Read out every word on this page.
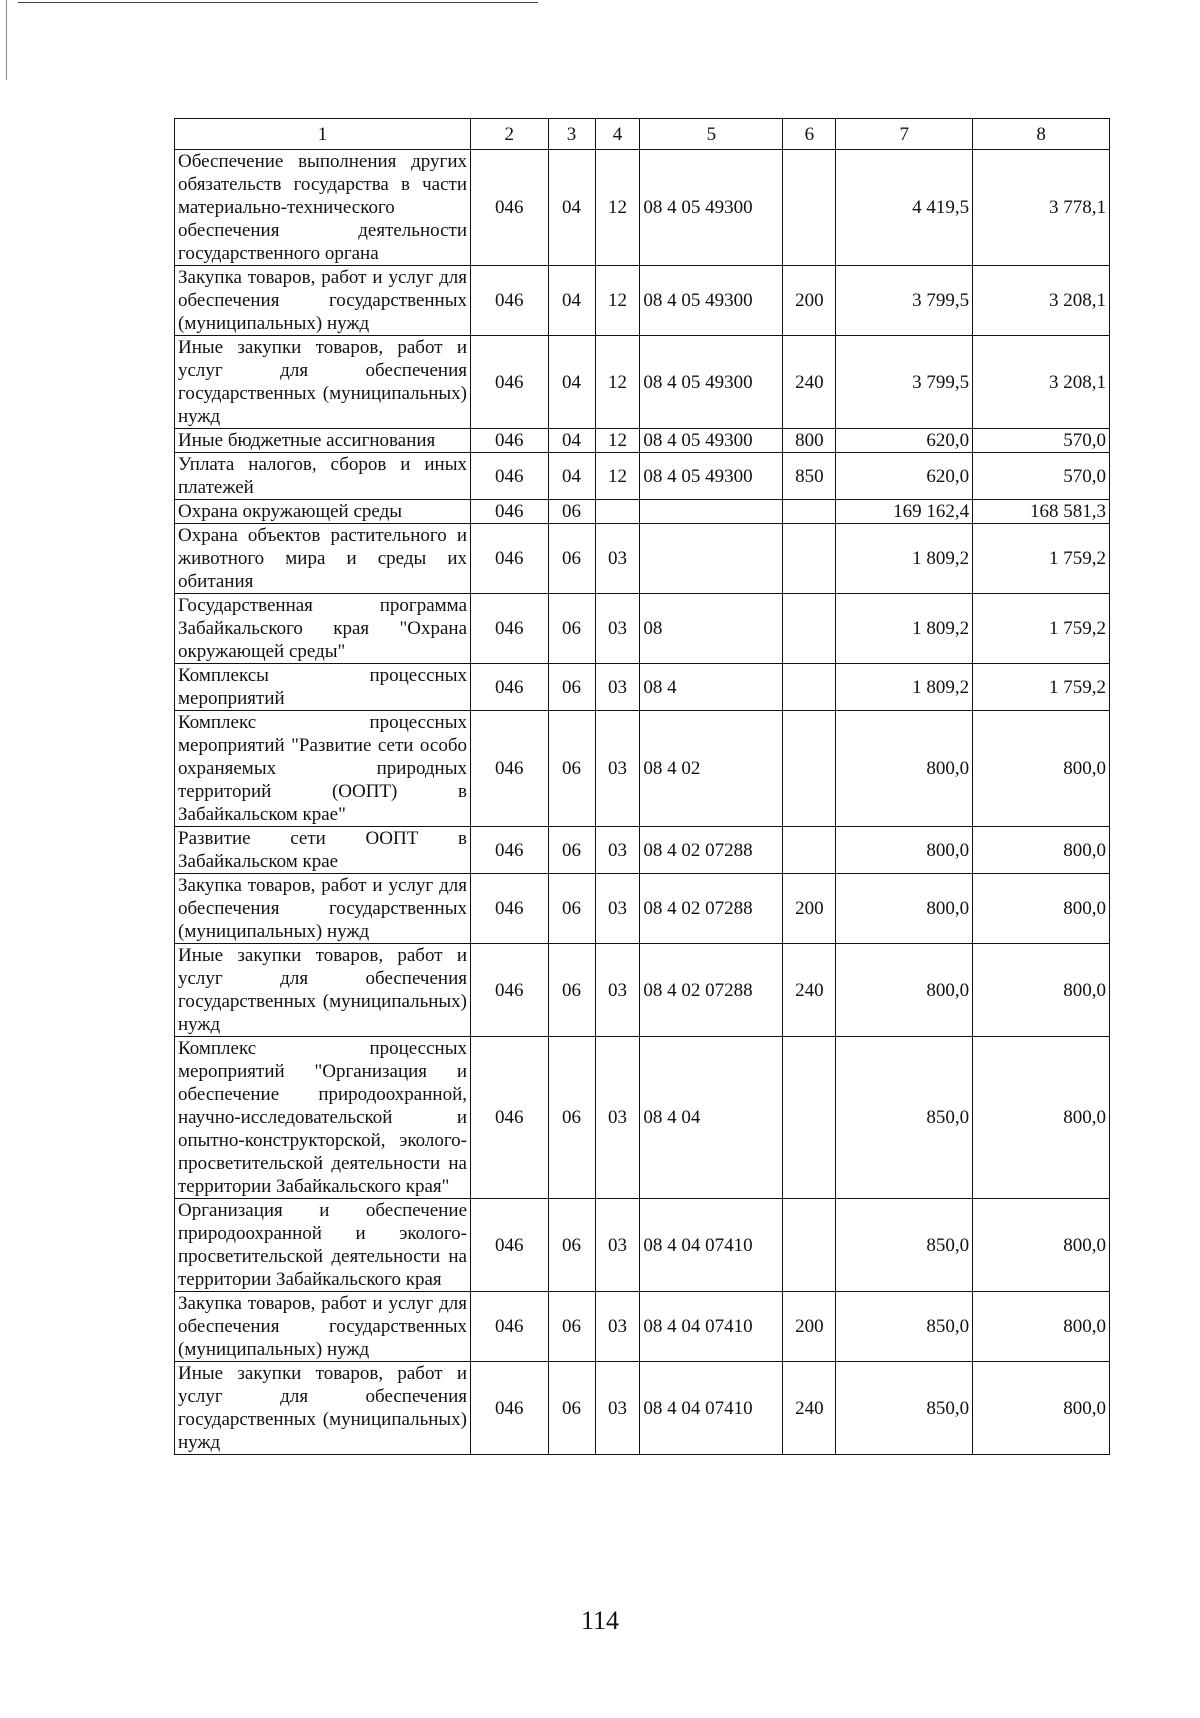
1	2	3	4	5	6	7	8
Обеспечение выполнения других обязательств государства в части материально-технического обеспечения деятельности государственного органа	046	04	12	08 4 05 49300		4 419,5	3 778,1
Закупка товаров, работ и услуг для обеспечения государственных (муниципальных) нужд	046	04	12	08 4 05 49300	200	3 799,5	3 208,1
Иные закупки товаров, работ и услуг для обеспечения государственных (муниципальных) нужд	046	04	12	08 4 05 49300	240	3 799,5	3 208,1
Иные бюджетные ассигнования	046	04	12	08 4 05 49300	800	620,0	570,0
Уплата налогов, сборов и иных платежей	046	04	12	08 4 05 49300	850	620,0	570,0
Охрана окружающей среды	046	06				169 162,4	168 581,3
Охрана объектов растительного и животного мира и среды их обитания	046	06	03			1 809,2	1 759,2
Государственная программа Забайкальского края "Охрана окружающей среды"	046	06	03	08		1 809,2	1 759,2
Комплексы процессных мероприятий	046	06	03	08 4		1 809,2	1 759,2
Комплекс процессных мероприятий "Развитие сети особо охраняемых природных территорий (ООПТ) в Забайкальском крае"	046	06	03	08 4 02		800,0	800,0
Развитие сети ООПТ в Забайкальском крае	046	06	03	08 4 02 07288		800,0	800,0
Закупка товаров, работ и услуг для обеспечения государственных (муниципальных) нужд	046	06	03	08 4 02 07288	200	800,0	800,0
Иные закупки товаров, работ и услуг для обеспечения государственных (муниципальных) нужд	046	06	03	08 4 02 07288	240	800,0	800,0
Комплекс процессных мероприятий "Организация и обеспечение природоохранной, научно-исследовательской и опытно-конструкторской, эколого-просветительской деятельности на территории Забайкальского края"	046	06	03	08 4 04		850,0	800,0
Организация и обеспечение природоохранной и эколого-просветительской деятельности на территории Забайкальского края	046	06	03	08 4 04 07410		850,0	800,0
Закупка товаров, работ и услуг для обеспечения государственных (муниципальных) нужд	046	06	03	08 4 04 07410	200	850,0	800,0
Иные закупки товаров, работ и услуг для обеспечения государственных (муниципальных) нужд	046	06	03	08 4 04 07410	240	850,0	800,0
114
